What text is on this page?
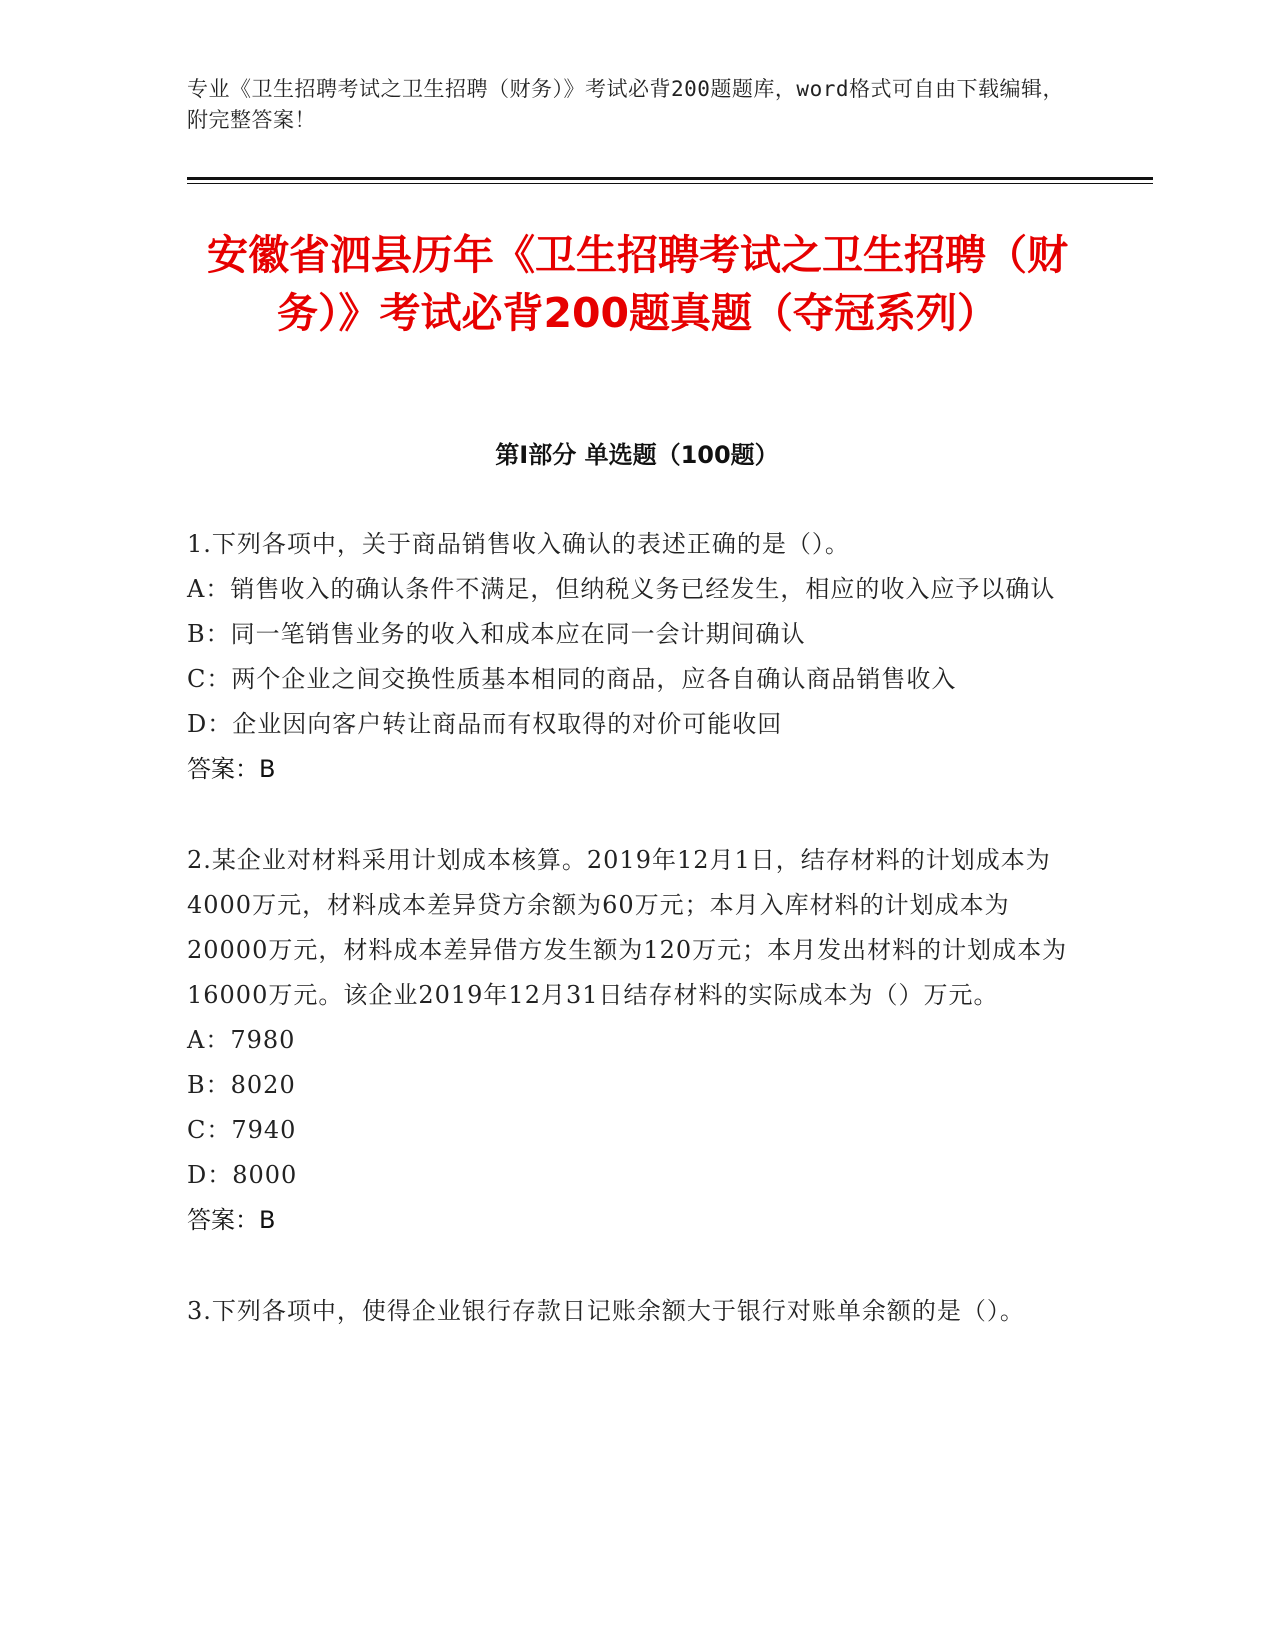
专业《卫生招聘考试之卫生招聘（财务）》考试必背200题题库，word格式可自由下载编辑，附完整答案！
安徽省泗县历年《卫生招聘考试之卫生招聘（财务）》考试必背200题真题（夺冠系列）
第I部分 单选题（100题）

1.下列各项中，关于商品销售收入确认的表述正确的是（）。

A：销售收入的确认条件不满足，但纳税义务已经发生，相应的收入应予以确认

B：同一笔销售业务的收入和成本应在同一会计期间确认

C：两个企业之间交换性质基本相同的商品，应各自确认商品销售收入

D：企业因向客户转让商品而有权取得的对价可能收回

答案：B

2.某企业对材料采用计划成本核算。2019年12月1日，结存材料的计划成本为4000万元，材料成本差异贷方余额为60万元；本月入库材料的计划成本为20000万元，材料成本差异借方发生额为120万元；本月发出材料的计划成本为16000万元。该企业2019年12月31日结存材料的实际成本为（）万元。

A：7980

B：8020

C：7940

D：8000

答案：B

3.下列各项中，使得企业银行存款日记账余额大于银行对账单余额的是（）。
